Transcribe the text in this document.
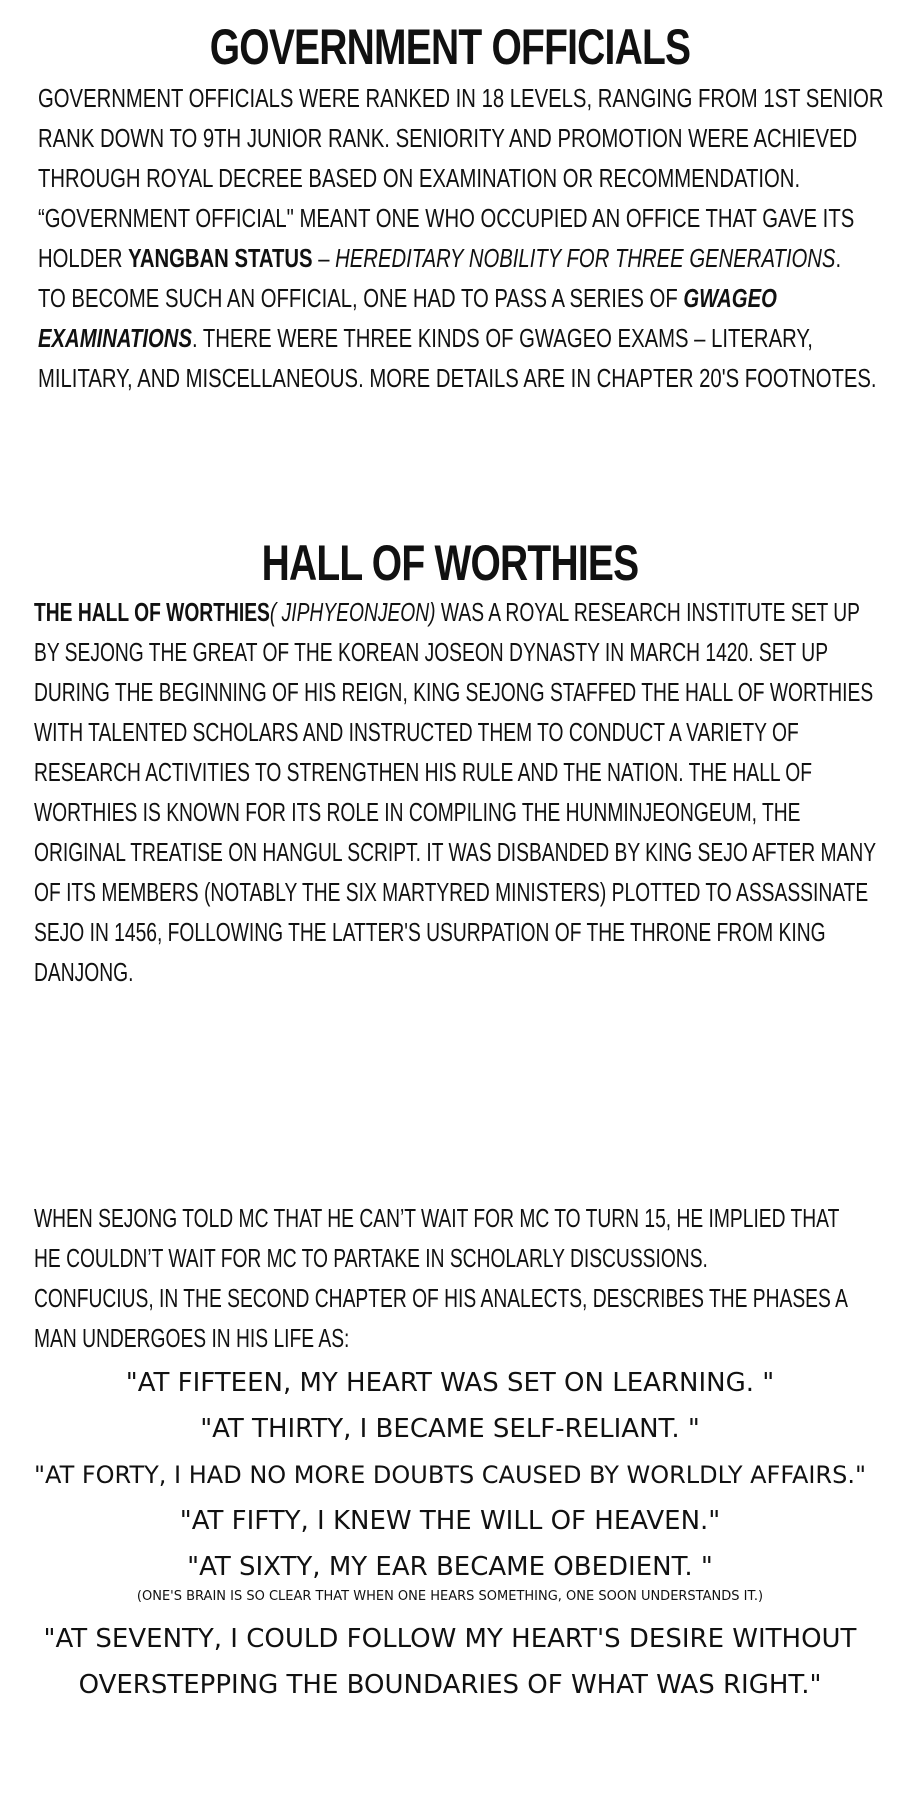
GOVERNMENT OFFICIALS
GOVERNMENT OFFICIALS WERE RANKED IN 18 LEVELS, RANGING FROM 1ST SENIOR
RANK DOWN TO 9TH JUNIOR RANK. SENIORITY AND PROMOTION WERE ACHIEVED
THROUGH ROYAL DECREE BASED ON EXAMINATION OR RECOMMENDATION.
“GOVERNMENT OFFICIAL" MEANT ONE WHO OCCUPIED AN OFFICE THAT GAVE ITS
HOLDER YANGBAN STATUS – HEREDITARY NOBILITY FOR THREE GENERATIONS.
TO BECOME SUCH AN OFFICIAL, ONE HAD TO PASS A SERIES OF GWAGEO
EXAMINATIONS. THERE WERE THREE KINDS OF GWAGEO EXAMS – LITERARY,
MILITARY, AND MISCELLANEOUS. MORE DETAILS ARE IN CHAPTER 20'S FOOTNOTES.
HALL OF WORTHIES
THE HALL OF WORTHIES( JIPHYEONJEON) WAS A ROYAL RESEARCH INSTITUTE SET UP
BY SEJONG THE GREAT OF THE KOREAN JOSEON DYNASTY IN MARCH 1420. SET UP
DURING THE BEGINNING OF HIS REIGN, KING SEJONG STAFFED THE HALL OF WORTHIES
WITH TALENTED SCHOLARS AND INSTRUCTED THEM TO CONDUCT A VARIETY OF
RESEARCH ACTIVITIES TO STRENGTHEN HIS RULE AND THE NATION. THE HALL OF
WORTHIES IS KNOWN FOR ITS ROLE IN COMPILING THE HUNMINJEONGEUM, THE
ORIGINAL TREATISE ON HANGUL SCRIPT. IT WAS DISBANDED BY KING SEJO AFTER MANY
OF ITS MEMBERS (NOTABLY THE SIX MARTYRED MINISTERS) PLOTTED TO ASSASSINATE
SEJO IN 1456, FOLLOWING THE LATTER'S USURPATION OF THE THRONE FROM KING
DANJONG.
WHEN SEJONG TOLD MC THAT HE CAN’T WAIT FOR MC TO TURN 15, HE IMPLIED THAT
HE COULDN’T WAIT FOR MC TO PARTAKE IN SCHOLARLY DISCUSSIONS.
CONFUCIUS, IN THE SECOND CHAPTER OF HIS ANALECTS, DESCRIBES THE PHASES A
MAN UNDERGOES IN HIS LIFE AS:
"AT FIFTEEN, MY HEART WAS SET ON LEARNING. "
"AT THIRTY, I BECAME SELF-RELIANT. "
"AT FORTY, I HAD NO MORE DOUBTS CAUSED BY WORLDLY AFFAIRS."
"AT FIFTY, I KNEW THE WILL OF HEAVEN."
"AT SIXTY, MY EAR BECAME OBEDIENT. "
(ONE'S BRAIN IS SO CLEAR THAT WHEN ONE HEARS SOMETHING, ONE SOON UNDERSTANDS IT.)
"AT SEVENTY, I COULD FOLLOW MY HEART'S DESIRE WITHOUT
OVERSTEPPING THE BOUNDARIES OF WHAT WAS RIGHT."
